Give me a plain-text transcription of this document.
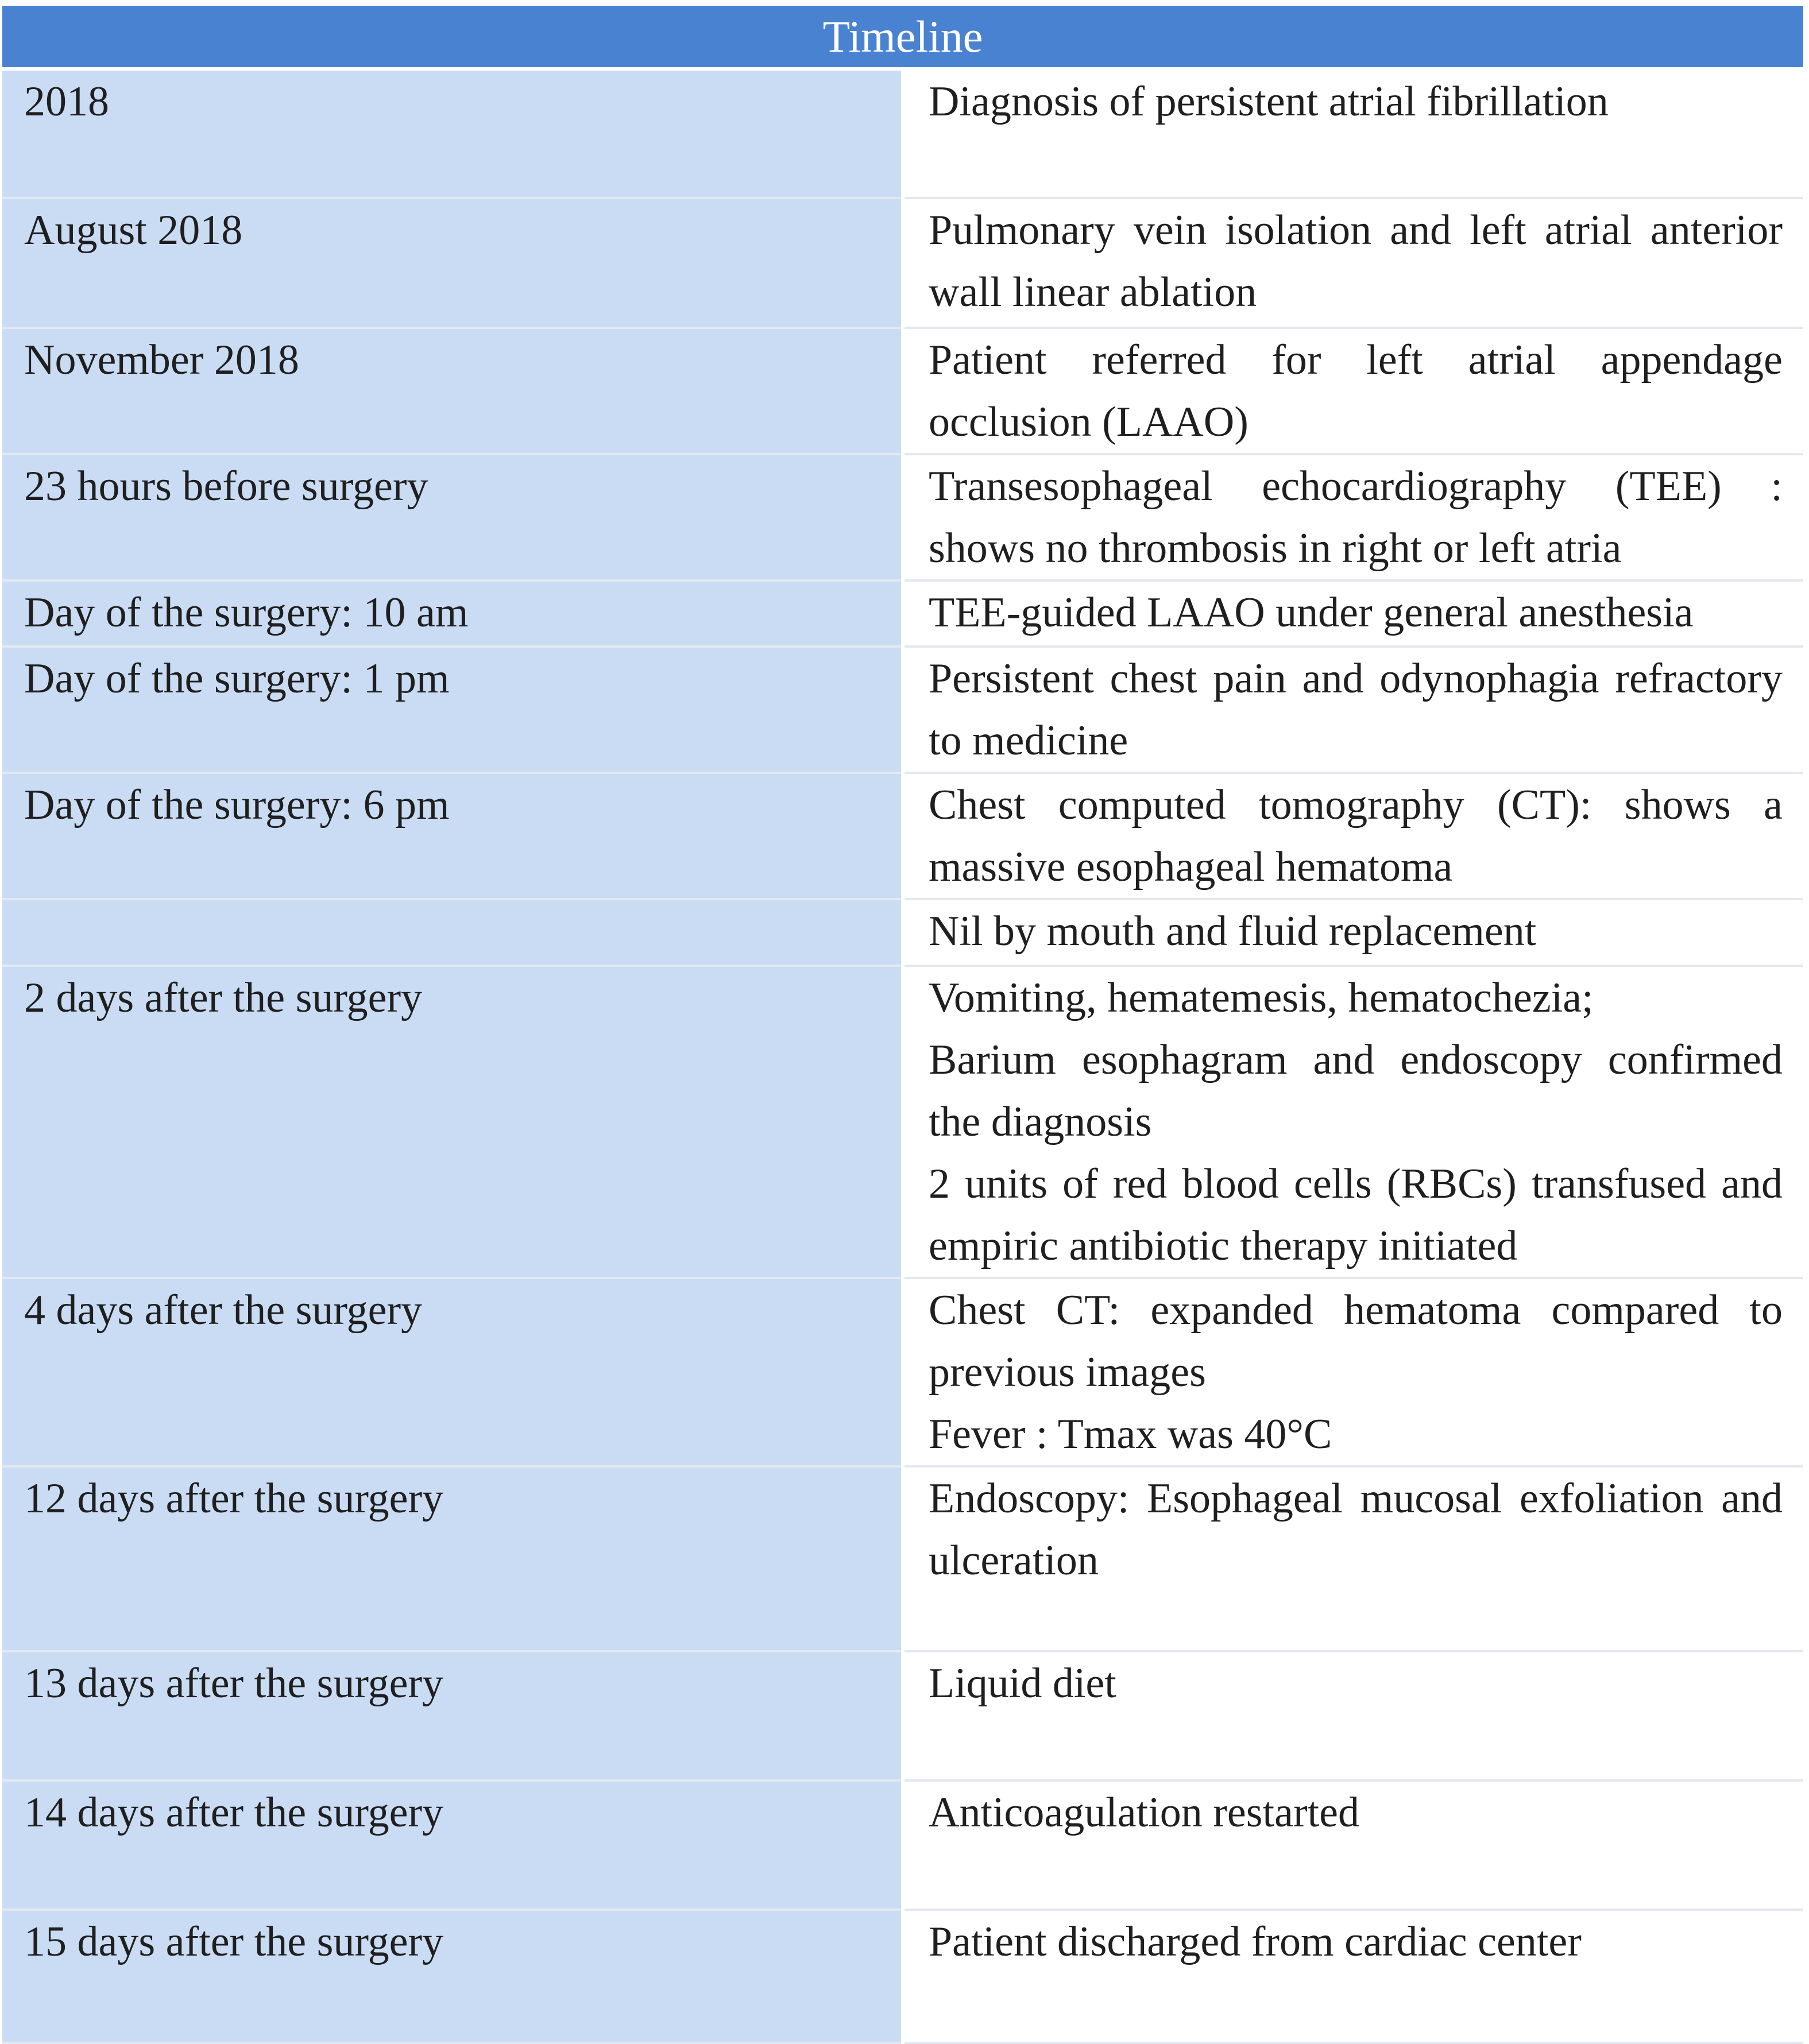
Timeline	
2018	Diagnosis of persistent atrial fibrillation

August 2018	Pulmonary vein isolation and left atrial anterior wall linear ablation

November 2018	Patient referred for left atrial appendage occlusion (LAAO)

23 hours before surgery	Transesophageal echocardiography (TEE) : shows no thrombosis in right or left atria

Day of the surgery: 10 am	TEE-guided LAAO under general anesthesia

Day of the surgery: 1 pm	Persistent chest pain and odynophagia refractory to medicine

Day of the surgery: 6 pm	Chest computed tomography (CT): shows a massive esophageal hematoma

	Nil by mouth and fluid replacement

2 days after the surgery	Vomiting, hematemesis, hematochezia;
Barium esophagram and endoscopy confirmed the diagnosis
2 units of red blood cells (RBCs) transfused and empiric antibiotic therapy initiated

4 days after the surgery	Chest CT: expanded hematoma compared to previous images
Fever : Tmax was 40°C

12 days after the surgery	Endoscopy: Esophageal mucosal exfoliation and ulceration

13 days after the surgery	Liquid diet

14 days after the surgery	Anticoagulation restarted

15 days after the surgery	Patient discharged from cardiac center
